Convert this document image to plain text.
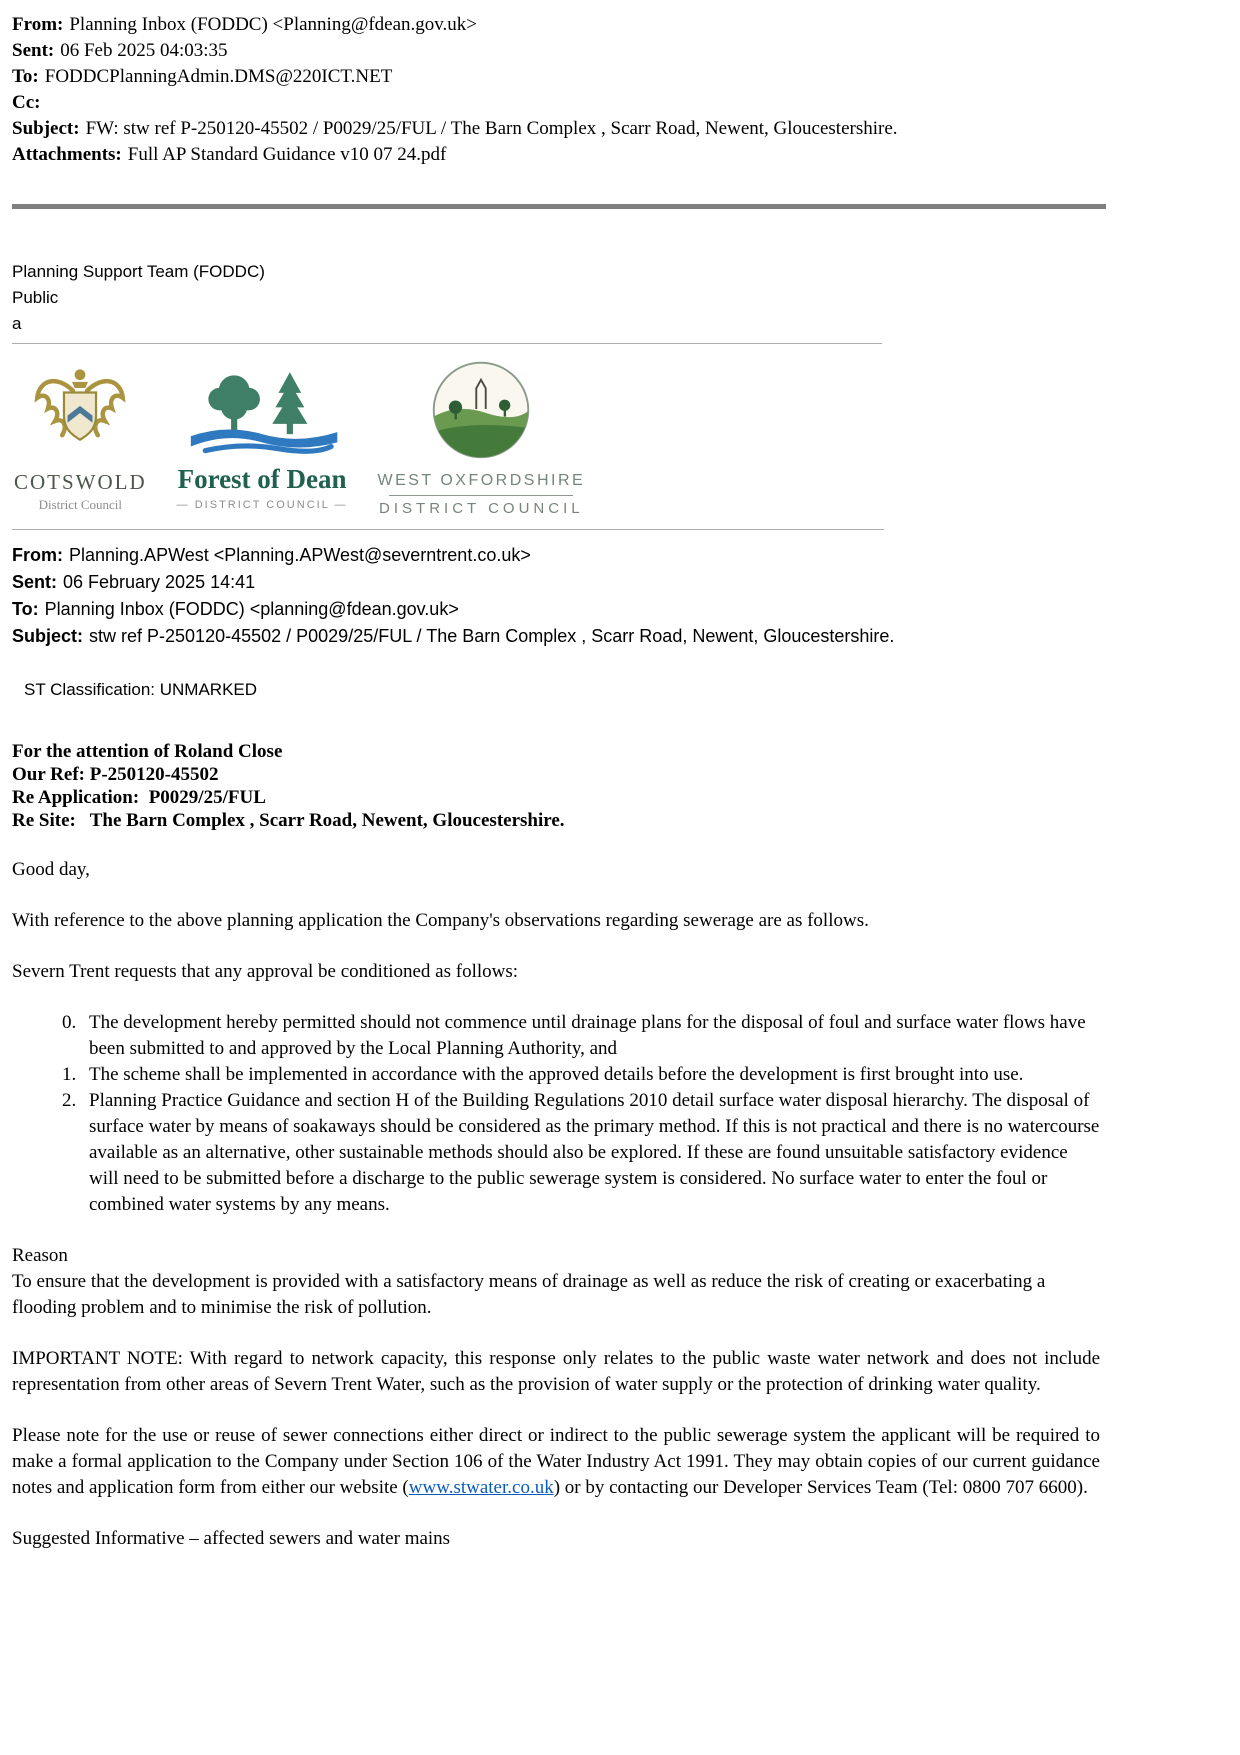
From: Planning Inbox (FODDC) <Planning@fdean.gov.uk>
Sent: 06 Feb 2025 04:03:35
To: FODDCPlanningAdmin.DMS@220ICT.NET
Cc:
Subject: FW: stw ref P-250120-45502 / P0029/25/FUL / The Barn Complex , Scarr Road, Newent, Gloucestershire.
Attachments: Full AP Standard Guidance v10 07 24.pdf
Planning Support Team (FODDC)
Public
a
COTSWOLD
District Council
Forest of Dean
— DISTRICT COUNCIL —
WEST OXFORDSHIRE
DISTRICT COUNCIL
From: Planning.APWest <Planning.APWest@severntrent.co.uk>
Sent: 06 February 2025 14:41
To: Planning Inbox (FODDC) <planning@fdean.gov.uk>
Subject: stw ref P-250120-45502 / P0029/25/FUL / The Barn Complex , Scarr Road, Newent, Gloucestershire.
ST Classification: UNMARKED
For the attention of Roland Close
Our Ref: P-250120-45502
Re Application:  P0029/25/FUL
Re Site:   The Barn Complex , Scarr Road, Newent, Gloucestershire.
Good day,
With reference to the above planning application the Company's observations regarding sewerage are as follows.
Severn Trent requests that any approval be conditioned as follows:
0. The development hereby permitted should not commence until drainage plans for the disposal of foul and surface water flows have been submitted to and approved by the Local Planning Authority, and
1. The scheme shall be implemented in accordance with the approved details before the development is first brought into use.
2. Planning Practice Guidance and section H of the Building Regulations 2010 detail surface water disposal hierarchy. The disposal of surface water by means of soakaways should be considered as the primary method. If this is not practical and there is no watercourse available as an alternative, other sustainable methods should also be explored. If these are found unsuitable satisfactory evidence will need to be submitted before a discharge to the public sewerage system is considered. No surface water to enter the foul or combined water systems by any means.
Reason
To ensure that the development is provided with a satisfactory means of drainage as well as reduce the risk of creating or exacerbating a flooding problem and to minimise the risk of pollution.
IMPORTANT NOTE: With regard to network capacity, this response only relates to the public waste water network and does not include representation from other areas of Severn Trent Water, such as the provision of water supply or the protection of drinking water quality.
Please note for the use or reuse of sewer connections either direct or indirect to the public sewerage system the applicant will be required to make a formal application to the Company under Section 106 of the Water Industry Act 1991. They may obtain copies of our current guidance notes and application form from either our website (www.stwater.co.uk) or by contacting our Developer Services Team (Tel: 0800 707 6600).
Suggested Informative – affected sewers and water mains
